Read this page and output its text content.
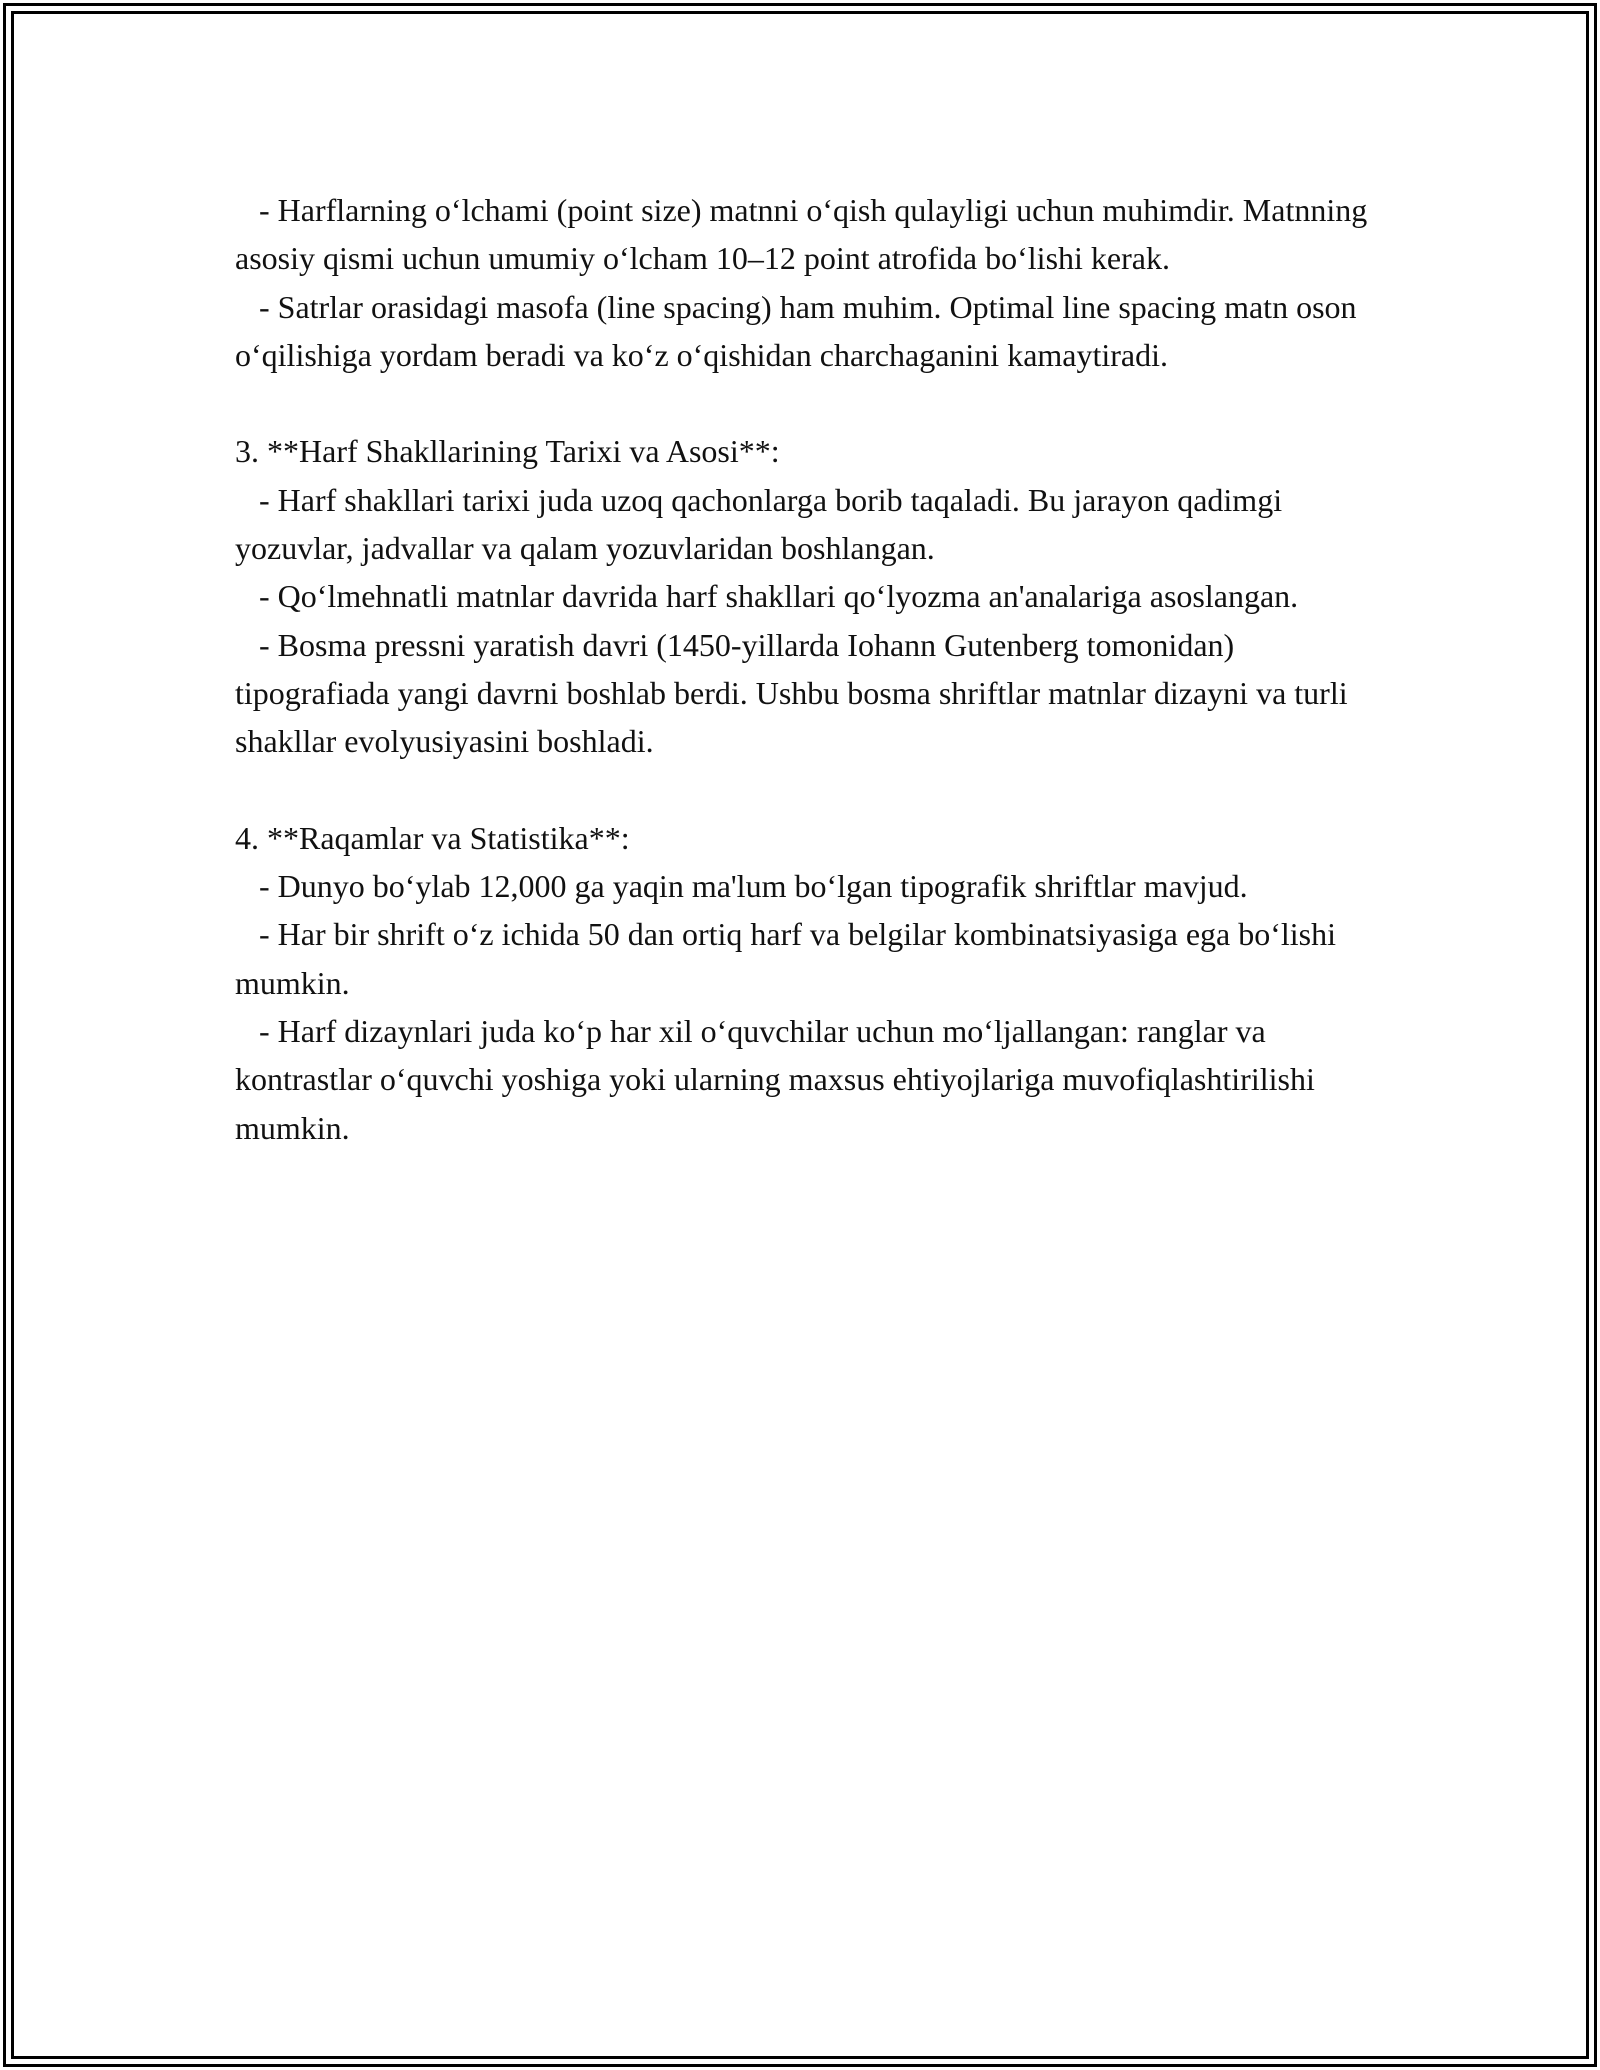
- Harflarning o‘lchami (point size) matnni o‘qish qulayligi uchun muhimdir. Matnning asosiy qismi uchun umumiy o‘lcham 10–12 point atrofida bo‘lishi kerak.

- Satrlar orasidagi masofa (line spacing) ham muhim. Optimal line spacing matn oson o‘qilishiga yordam beradi va ko‘z o‘qishidan charchaganini kamaytiradi.

3. **Harf Shakllarining Tarixi va Asosi**:

- Harf shakllari tarixi juda uzoq qachonlarga borib taqaladi. Bu jarayon qadimgi yozuvlar, jadvallar va qalam yozuvlaridan boshlangan.

- Qo‘lmehnatli matnlar davrida harf shakllari qo‘lyozma an'analariga asoslangan.

- Bosma pressni yaratish davri (1450-yillarda Iohann Gutenberg tomonidan) tipografiada yangi davrni boshlab berdi. Ushbu bosma shriftlar matnlar dizayni va turli shakllar evolyusiyasini boshladi.

4. **Raqamlar va Statistika**:

- Dunyo bo‘ylab 12,000 ga yaqin ma'lum bo‘lgan tipografik shriftlar mavjud.

- Har bir shrift o‘z ichida 50 dan ortiq harf va belgilar kombinatsiyasiga ega bo‘lishi mumkin.

- Harf dizaynlari juda ko‘p har xil o‘quvchilar uchun mo‘ljallangan: ranglar va kontrastlar o‘quvchi yoshiga yoki ularning maxsus ehtiyojlariga muvofiqlashtirilishi mumkin.
